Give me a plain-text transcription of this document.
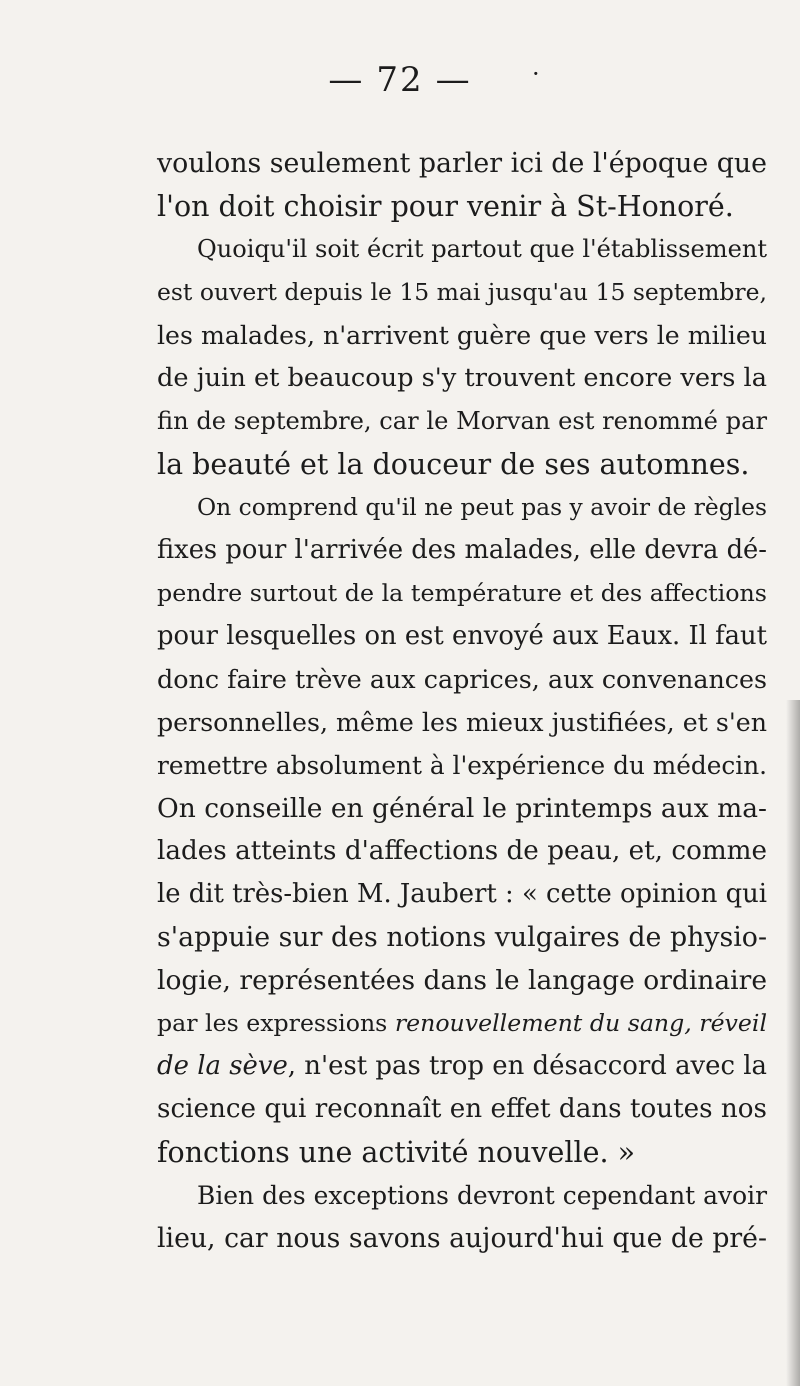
— 72 —	·
voulons seulement parler ici de l'époque que
l'on doit choisir pour venir à St-Honoré.
Quoiqu'il soit écrit partout que l'établissement
est ouvert depuis le 15 mai jusqu'au 15 septembre,
les malades, n'arrivent guère que vers le milieu
de juin et beaucoup s'y trouvent encore vers la
fin de septembre, car le Morvan est renommé par
la beauté et la douceur de ses automnes.
On comprend qu'il ne peut pas y avoir de règles
fixes pour l'arrivée des malades, elle devra dé-
pendre surtout de la température et des affections
pour lesquelles on est envoyé aux Eaux. Il faut
donc faire trève aux caprices, aux convenances
personnelles, même les mieux justifiées, et s'en
remettre absolument à l'expérience du médecin.
On conseille en général le printemps aux ma-
lades atteints d'affections de peau, et, comme
le dit très-bien M. Jaubert : « cette opinion qui
s'appuie sur des notions vulgaires de physio-
logie, représentées dans le langage ordinaire
par les expressions renouvellement du sang, réveil
de la sève, n'est pas trop en désaccord avec la
science qui reconnaît en effet dans toutes nos
fonctions une activité nouvelle. »
Bien des exceptions devront cependant avoir
lieu, car nous savons aujourd'hui que de pré-
